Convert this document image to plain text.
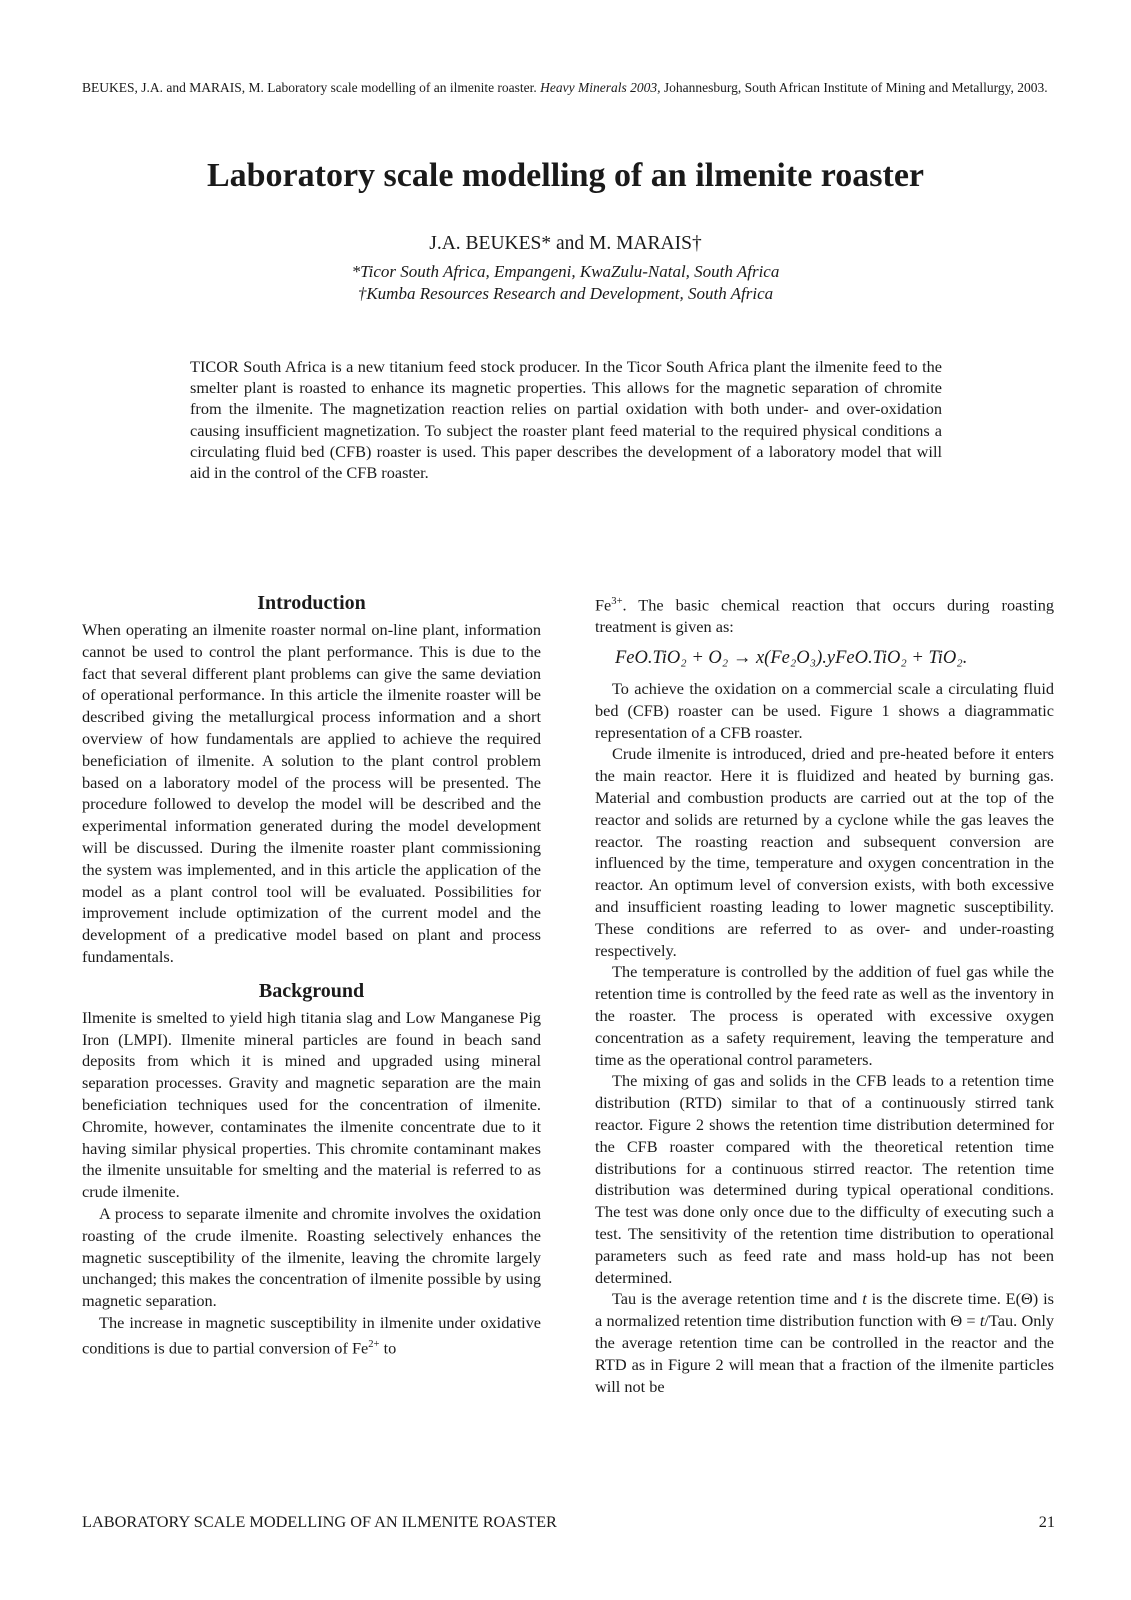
BEUKES, J.A. and MARAIS, M. Laboratory scale modelling of an ilmenite roaster. Heavy Minerals 2003, Johannesburg, South African Institute of Mining and Metallurgy, 2003.
Laboratory scale modelling of an ilmenite roaster
J.A. BEUKES* and M. MARAIS†
*Ticor South Africa, Empangeni, KwaZulu-Natal, South Africa
†Kumba Resources Research and Development, South Africa
TICOR South Africa is a new titanium feed stock producer. In the Ticor South Africa plant the ilmenite feed to the smelter plant is roasted to enhance its magnetic properties. This allows for the magnetic separation of chromite from the ilmenite. The magnetization reaction relies on partial oxidation with both under- and over-oxidation causing insufficient magnetization. To subject the roaster plant feed material to the required physical conditions a circulating fluid bed (CFB) roaster is used. This paper describes the development of a laboratory model that will aid in the control of the CFB roaster.
Introduction

When operating an ilmenite roaster normal on-line plant, information cannot be used to control the plant performance. This is due to the fact that several different plant problems can give the same deviation of operational performance. In this article the ilmenite roaster will be described giving the metallurgical process information and a short overview of how fundamentals are applied to achieve the required beneficiation of ilmenite. A solution to the plant control problem based on a laboratory model of the process will be presented. The procedure followed to develop the model will be described and the experimental information generated during the model development will be discussed. During the ilmenite roaster plant commissioning the system was implemented, and in this article the application of the model as a plant control tool will be evaluated. Possibilities for improvement include optimization of the current model and the development of a predicative model based on plant and process fundamentals.

Background

Ilmenite is smelted to yield high titania slag and Low Manganese Pig Iron (LMPI). Ilmenite mineral particles are found in beach sand deposits from which it is mined and upgraded using mineral separation processes. Gravity and magnetic separation are the main beneficiation techniques used for the concentration of ilmenite. Chromite, however, contaminates the ilmenite concentrate due to it having similar physical properties. This chromite contaminant makes the ilmenite unsuitable for smelting and the material is referred to as crude ilmenite.

A process to separate ilmenite and chromite involves the oxidation roasting of the crude ilmenite. Roasting selectively enhances the magnetic susceptibility of the ilmenite, leaving the chromite largely unchanged; this makes the concentration of ilmenite possible by using magnetic separation.

The increase in magnetic susceptibility in ilmenite under oxidative conditions is due to partial conversion of $Fe^{2+}$ to

$Fe^{3+}$. The basic chemical reaction that occurs during roasting treatment is given as:

FeO.TiO₂ + O₂ → x(Fe₂O₃).yFeO.TiO₂ + TiO₂.

To achieve the oxidation on a commercial scale a circulating fluid bed (CFB) roaster can be used. Figure 1 shows a diagrammatic representation of a CFB roaster.

Crude ilmenite is introduced, dried and pre-heated before it enters the main reactor. Here it is fluidized and heated by burning gas. Material and combustion products are carried out at the top of the reactor and solids are returned by a cyclone while the gas leaves the reactor. The roasting reaction and subsequent conversion are influenced by the time, temperature and oxygen concentration in the reactor. An optimum level of conversion exists, with both excessive and insufficient roasting leading to lower magnetic susceptibility. These conditions are referred to as over- and under-roasting respectively.

The temperature is controlled by the addition of fuel gas while the retention time is controlled by the feed rate as well as the inventory in the roaster. The process is operated with excessive oxygen concentration as a safety requirement, leaving the temperature and time as the operational control parameters.

The mixing of gas and solids in the CFB leads to a retention time distribution (RTD) similar to that of a continuously stirred tank reactor. Figure 2 shows the retention time distribution determined for the CFB roaster compared with the theoretical retention time distributions for a continuous stirred reactor. The retention time distribution was determined during typical operational conditions. The test was done only once due to the difficulty of executing such a test. The sensitivity of the retention time distribution to operational parameters such as feed rate and mass hold-up has not been determined.

Tau is the average retention time and t is the discrete time. E(Θ) is a normalized retention time distribution function with Θ = t/Tau. Only the average retention time can be controlled in the reactor and the RTD as in Figure 2 will mean that a fraction of the ilmenite particles will not be

LABORATORY SCALE MODELLING OF AN ILMENITE ROASTER	21
